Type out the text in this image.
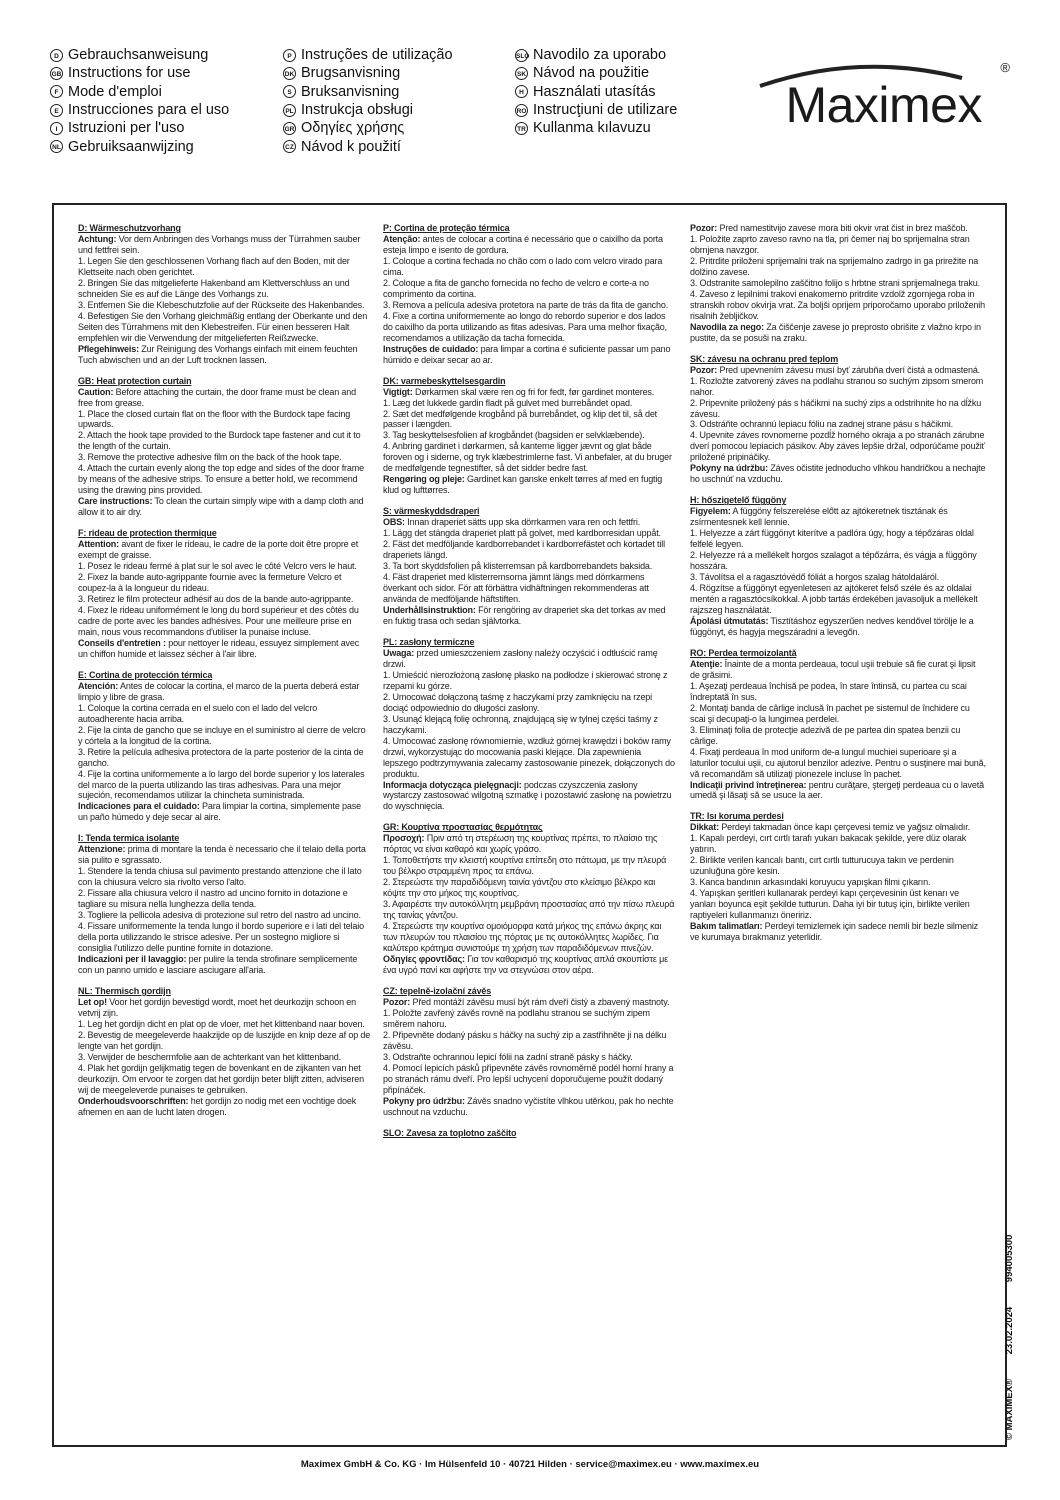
D Gebrauchsanweisung
GB Instructions for use
F Mode d'emploi
E Instrucciones para el uso
I Istruzioni per l'uso
NL Gebruiksaanwijzing
P Instruções de utilização
DK Brugsanvisning
S Bruksanvisning
PL Instrukcja obsługi
GR Οδηγίες χρήσης
CZ Návod k použití
SLO Navodilo za uporabo
SK Návod na použitie
H Használati utasítás
RO Instrucţiuni de utilizare
TR Kullanma kılavuzu	Maximex
®

D: Wärmeschutzvorhang

Achtung: Vor dem Anbringen des Vorhangs muss der Türrahmen sauber und fettfrei sein.

1. Legen Sie den geschlossenen Vorhang flach auf den Boden, mit der Klettseite nach oben gerichtet.

2. Bringen Sie das mitgelieferte Hakenband am Klettverschluss an und schneiden Sie es auf die Länge des Vorhangs zu.

3. Entfernen Sie die Klebeschutzfolie auf der Rückseite des Hakenbandes.

4. Befestigen Sie den Vorhang gleichmäßig entlang der Oberkante und den Seiten des Türrahmens mit den Klebestreifen. Für einen besseren Halt empfehlen wir die Verwendung der mitgelieferten Reißzwecke.

Pflegehinweis: Zur Reinigung des Vorhangs einfach mit einem feuchten Tuch abwischen und an der Luft trocknen lassen.

GB: Heat protection curtain

Caution: Before attaching the curtain, the door frame must be clean and free from grease.

1. Place the closed curtain flat on the floor with the Burdock tape facing upwards.

2. Attach the hook tape provided to the Burdock tape fastener and cut it to the length of the curtain.

3. Remove the protective adhesive film on the back of the hook tape.

4. Attach the curtain evenly along the top edge and sides of the door frame by means of the adhesive strips. To ensure a better hold, we recommend using the drawing pins provided.

Care instructions: To clean the curtain simply wipe with a damp cloth and allow it to air dry.

F: rideau de protection thermique

Attention: avant de fixer le rideau, le cadre de la porte doit être propre et exempt de graisse.

1. Posez le rideau fermé à plat sur le sol avec le côté Velcro vers le haut.

2. Fixez la bande auto-agrippante fournie avec la fermeture Velcro et coupez-la à la longueur du rideau.

3. Retirez le film protecteur adhésif au dos de la bande auto-agrippante.

4. Fixez le rideau uniformément le long du bord supérieur et des côtés du cadre de porte avec les bandes adhésives. Pour une meilleure prise en main, nous vous recommandons d'utiliser la punaise incluse.

Conseils d'entretien : pour nettoyer le rideau, essuyez simplement avec un chiffon humide et laissez sécher à l'air libre.

E: Cortina de protección térmica

Atención: Antes de colocar la cortina, el marco de la puerta deberá estar limpio y libre de grasa.

1. Coloque la cortina cerrada en el suelo con el lado del velcro autoadherente hacia arriba.

2. Fije la cinta de gancho que se incluye en el suministro al cierre de velcro y córtela a la longitud de la cortina.

3. Retire la película adhesiva protectora de la parte posterior de la cinta de gancho.

4. Fije la cortina uniformemente a lo largo del borde superior y los laterales del marco de la puerta utilizando las tiras adhesivas. Para una mejor sujeción, recomendamos utilizar la chincheta suministrada.

Indicaciones para el cuidado: Para limpiar la cortina, simplemente pase un paño húmedo y deje secar al aire.

I: Tenda termica isolante

Attenzione: prima di montare la tenda è necessario che il telaio della porta sia pulito e sgrassato.

1. Stendere la tenda chiusa sul pavimento prestando attenzione che il lato con la chiusura velcro sia rivolto verso l'alto.

2. Fissare alla chiusura velcro il nastro ad uncino fornito in dotazione e tagliare su misura nella lunghezza della tenda.

3. Togliere la pellicola adesiva di protezione sul retro del nastro ad uncino.

4. Fissare uniformemente la tenda lungo il bordo superiore e i lati del telaio della porta utilizzando le strisce adesive. Per un sostegno migliore si consiglia l'utilizzo delle puntine fornite in dotazione.

Indicazioni per il lavaggio: per pulire la tenda strofinare semplicemente con un panno umido e lasciare asciugare all'aria.

NL: Thermisch gordijn

Let op! Voor het gordijn bevestigd wordt, moet het deurkozijn schoon en vetvrij zijn.

1. Leg het gordijn dicht en plat op de vloer, met het klittenband naar boven.

2. Bevestig de meegeleverde haakzijde op de luszijde en knip deze af op de lengte van het gordijn.

3. Verwijder de beschermfolie aan de achterkant van het klittenband.

4. Plak het gordijn gelijkmatig tegen de bovenkant en de zijkanten van het deurkozijn. Om ervoor te zorgen dat het gordijn beter blijft zitten, adviseren wij de meegeleverde punaises te gebruiken.

Onderhoudsvoorschriften: het gordijn zo nodig met een vochtige doek afnemen en aan de lucht laten drogen.

P: Cortina de proteção térmica

Atenção: antes de colocar a cortina é necessário que o caixilho da porta esteja limpo e isento de gordura.

1. Coloque a cortina fechada no chão com o lado com velcro virado para cima.

2. Coloque a fita de gancho fornecida no fecho de velcro e corte-a no comprimento da cortina.

3. Remova a película adesiva protetora na parte de trás da fita de gancho.

4. Fixe a cortina uniformemente ao longo do rebordo superior e dos lados do caixilho da porta utilizando as fitas adesivas. Para uma melhor fixação, recomendamos a utilização da tacha fornecida.

Instruções de cuidado: para limpar a cortina é suficiente passar um pano húmido e deixar secar ao ar.

DK: varmebeskyttelsesgardin

Vigtigt: Dørkarmen skal være ren og fri for fedt, før gardinet monteres.

1. Læg det lukkede gardin fladt på gulvet med burrebåndet opad.

2. Sæt det medfølgende krogbånd på burrebåndet, og klip det til, så det passer i længden.

3. Tag beskyttelsesfolien af krogbåndet (bagsiden er selvklæbende).

4. Anbring gardinet i dørkarmen, så kanterne ligger jævnt og glat både foroven og i siderne, og tryk klæbestrimlerne fast. Vi anbefaler, at du bruger de medfølgende tegnestifter, så det sidder bedre fast.

Rengøring og pleje: Gardinet kan ganske enkelt tørres af med en fugtig klud og lufttørres.

S: värmeskyddsdraperi

OBS: Innan draperiet sätts upp ska dörrkarmen vara ren och fettfri.

1. Lägg det stängda draperiet platt på golvet, med kardborresidan uppåt.

2. Fäst det medföljande kardborrebandet i kardborrefästet och kortadet till draperiets längd.

3. Ta bort skyddsfolien på klisterremsan på kardborrebandets baksida.

4. Fäst draperiet med klisterremsorna jämnt längs med dörrkarmens överkant och sidor. För att förbättra vidhäftningen rekommenderas att använda de medföljande häftstiften.

Underhållsinstruktion: För rengöring av draperiet ska det torkas av med en fuktig trasa och sedan självtorka.

PL: zasłony termiczne

Uwaga: przed umieszczeniem zasłony należy oczyścić i odtłuścić ramę drzwi.

1. Umieścić nierozłożoną zasłonę płasko na podłodze i skierować stronę z rzepami ku górze.

2. Umocować dołączoną taśmę z haczykami przy zamknięciu na rzepi dociąć odpowiednio do długości zasłony.

3. Usunąć klejącą folię ochronną, znajdującą się w tylnej części taśmy z haczykami.

4. Umocować zasłonę równomiernie, wzdłuż górnej krawędzi i boków ramy drzwi, wykorzystując do mocowania paski klejące. Dla zapewnienia lepszego podtrzymywania zalecamy zastosowanie pinezek, dołączonych do produktu.

Informacja dotycząca pielęgnacji: podczas czyszczenia zasłony wystarczy zastosować wilgotną szmatkę i pozostawić zasłonę na powietrzu do wyschnięcia.

GR: Κουρτίνα προστασίας θερμότητας

Προσοχή: Πριν από τη στερέωση της κουρτίνας πρέπει, το πλαίσιο της πόρτας να είναι καθαρό και χωρίς γράσο.

1. Τοποθετήστε την κλειστή κουρτίνα επίπεδη στο πάτωμα, με την πλευρά του βέλκρο στραμμένη προς τα επάνω.

2. Στερεώστε την παραδιδόμενη ταινία γάντζου στο κλείσιμο βέλκρο και κόψτε την στο μήκος της κουρτίνας.

3. Αφαιρέστε την αυτοκόλλητη μεμβράνη προστασίας από την πίσω πλευρά της ταινίας γάντζου.

4. Στερεώστε την κουρτίνα ομοιόμορφα κατά μήκος της επάνω άκρης και των πλευρών του πλαισίου της πόρτας με τις αυτοκόλλητες λωρίδες. Για καλύτερο κράτημα συνιστούμε τη χρήση των παραδιδόμενων πινεζών.

Οδηγίες φροντίδας: Για τον καθαρισμό της κουρτίνας απλά σκουπίστε με ένα υγρό πανί και αφήστε την να στεγνώσει στον αέρα.

CZ: tepelně-izolační závěs

Pozor: Před montáží závěsu musí být rám dveří čistý a zbavený mastnoty.

1. Položte zavřený závěs rovně na podlahu stranou se suchým zipem směrem nahoru.

2. Připevněte dodaný pásku s háčky na suchý zip a zastřihněte ji na délku závěsu.

3. Odstraňte ochrannou lepicí fólii na zadní straně pásky s háčky.

4. Pomocí lepicích pásků připevněte závěs rovnoměrně podél horní hrany a po stranách rámu dveří. Pro lepší uchycení doporučujeme použít dodaný připínáček.

Pokyny pro údržbu: Závěs snadno vyčistíte vlhkou utěrkou, pak ho nechte uschnout na vzduchu.

SLO: Zavesa za toplotno zaščito

Pozor: Pred namestitvijo zavese mora biti okvir vrat čist in brez maščob.

1. Položite zaprto zaveso ravno na tla, pri čemer naj bo sprijemalna stran obrnjena navzgor.

2. Pritrdite priloženi sprijemalni trak na sprijemalno zadrgo in ga prirežite na dolžino zavese.

3. Odstranite samolepilno zaščitno folijo s hrbtne strani sprijemalnega traku.

4. Zaveso z lepilnimi trakovi enakomerno pritrdite vzdolž zgornjega roba in stranskih robov okvirja vrat. Za boljši oprijem priporočamo uporabo priloženih risalnih žebljičkov.

Navodila za nego: Za čiščenje zavese jo preprosto obrišite z vlažno krpo in pustite, da se posuši na zraku.

SK: závesu na ochranu pred teplom

Pozor: Pred upevnením závesu musí byť zárubňa dverí čistá a odmastená.

1. Rozložte zatvorený záves na podlahu stranou so suchým zipsom smerom nahor.

2. Pripevnite priložený pás s háčikmi na suchý zips a odstrihnite ho na dĺžku závesu.

3. Odstráňte ochrannú lepiacu fóliu na zadnej strane pásu s háčikmi.

4. Upevnite záves rovnomerne pozdĺž horného okraja a po stranách zárubne dverí pomocou lepiacich pásikov. Aby záves lepšie držal, odporúčame použiť priložené pripináčiky.

Pokyny na údržbu: Záves očistite jednoducho vlhkou handričkou a nechajte ho uschnúť na vzduchu.

H: hőszigetelő függöny

Figyelem: A függöny felszerelése előtt az ajtókeretnek tisztának és zsírmentesnek kell lennie.

1. Helyezze a zárt függönyt kiterítve a padlóra úgy, hogy a tépőzáras oldal felfelé legyen.

2. Helyezze rá a mellékelt horgos szalagot a tépőzárra, és vágja a függöny hosszára.

3. Távolítsa el a ragasztóvédő fóliát a horgos szalag hátoldaláról.

4. Rögzítse a függönyt egyenletesen az ajtókeret felső széle és az oldalai mentén a ragasztócsíkokkal. A jobb tartás érdekében javasoljuk a mellékelt rajzszeg használatát.

Ápolási útmutatás: Tisztításhoz egyszerűen nedves kendővel törölje le a függönyt, és hagyja megszáradni a levegőn.

RO: Perdea termoizolantă

Atenţie: Înainte de a monta perdeaua, tocul uşii trebuie să fie curat şi lipsit de grăsimi.

1. Aşezaţi perdeaua închisă pe podea, în stare întinsă, cu partea cu scai îndreptată în sus.

2. Montaţi banda de cârlige inclusă în pachet pe sistemul de închidere cu scai şi decupaţi-o la lungimea perdelei.

3. Eliminaţi folia de protecţie adezivă de pe partea din spatea benzii cu cârlige.

4. Fixaţi perdeaua în mod uniform de-a lungul muchiei superioare şi a laturilor tocului uşii, cu ajutorul benzilor adezive. Pentru o susţinere mai bună, vă recomandăm să utilizaţi pionezele incluse în pachet.

Indicaţii privind întreţinerea: pentru curăţare, ştergeţi perdeaua cu o lavetă umedă şi lăsaţi să se usuce la aer.

TR: Isı koruma perdesi

Dikkat: Perdeyi takmadan önce kapı çerçevesi temiz ve yağsız olmalıdır.

1. Kapalı perdeyi, cırt cırtlı tarafı yukarı bakacak şekilde, yere düz olarak yatırın.

2. Birlikte verilen kancalı bantı, cırt cırtlı tutturucuya takın ve perdenin uzunluğuna göre kesin.

3. Kanca bandının arkasındaki koruyucu yapışkan filmi çıkarın.

4. Yapışkan şeritleri kullanarak perdeyi kapı çerçevesinin üst kenarı ve yanları boyunca eşit şekilde tutturun. Daha iyi bir tutuş için, birlikte verilen raptiyeleri kullanmanızı öneririz.

Bakım talimatları: Perdeyi temizlemek için sadece nemli bir bezle silmeniz ve kurumaya bırakmanız yeterlidir.

© MAXIMEX® 23.02.2024 994005300
Maximex GmbH & Co. KG · Im Hülsenfeld 10 · 40721 Hilden · service@maximex.eu · www.maximex.eu
